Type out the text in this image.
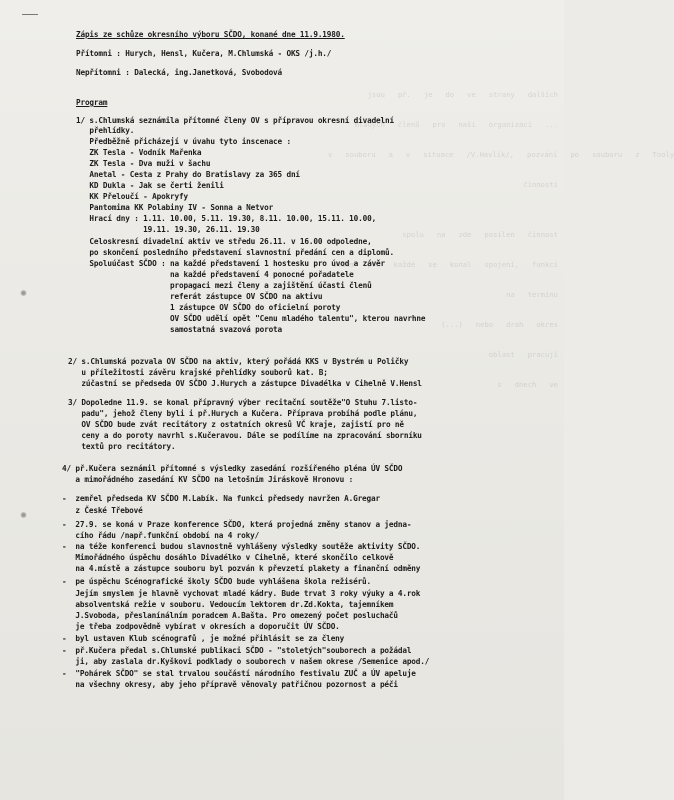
jsou   př.   je   do   ve   strany   dalších

mladých   členů   pro   naši   organizaci   ...

v   souboru   a   v   situace   /V.Havlík/,   pozvání   po   souboru   z   Tooly

činnosti

spolu   na   zde   posílen   činnost

ovšem   pro   každé   se   konal   spojení,   funkci

na   termínu

(...)   nebo   drah   okres

oblast   pracují

s   dnech   ve

Zápis ze schůze okresního výboru SČDO, konané dne 11.9.1980.
Přítomni : Hurych, Hensl, Kučera, M.Chlumská - OKS /j.h./
Nepřítomni : Dalecká, ing.Janetková, Svobodová
Program
1/ s.Chlumská seznámila přítomné členy OV s přípravou okresní divadelní
přehlídky.
Předběžně přicházejí v úvahu tyto inscenace :
ZK Tesla - Vodník Mařenka
ZK Tesla - Dva muži v šachu
Anetal - Cesta z Prahy do Bratislavy za 365 dní
KD Dukla - Jak se čerti ženili
KK Přeloučí - Apokryfy
Pantomima KK Polabiny IV - Sonna a Netvor
Hrací dny : 1.11. 10.00, 5.11. 19.30, 8.11. 10.00, 15.11. 10.00,
19.11. 19.30, 26.11. 19.30
Celoskresní divadelní aktiv ve středu 26.11. v 16.00 odpoledne,
po skončení posledního představení slavnostní předání cen a diplomů.
Spoluúčast SČDO : na každé představení 1 hostesku pro úvod a závěr
na každé představení 4 ponocné pořadatele
propagaci mezi členy a zajištění účasti členů
referát zástupce OV SČDO na aktivu
1 zástupce OV SČDO do oficielní poroty
OV SČDO udělí opět "Cenu mladého talentu", kterou navrhne
samostatná svazová porota
2/ s.Chlumská pozvala OV SČDO na aktiv, který pořádá KKS v Bystrém u Poličky
u příležitosti závěru krajské přehlídky souborů kat. B;
zúčastní se předseda OV SČDO J.Hurych a zástupce Divadélka v Cihelně V.Hensl
3/ Dopoledne 11.9. se konal přípravný výber recitační soutěže"O Stuhu 7.listo-
padu", jehož členy byli i př.Hurych a Kučera. Příprava probíhá podle plánu,
OV SČDO bude zvát recitátory z ostatních okresů VČ kraje, zajistí pro ně
ceny a do poroty navrhl s.Kučeravou. Dále se podílíme na zpracování sborníku
textů pro recitátory.
4/ př.Kučera seznámil přítomné s výsledky zasedání rozšířeného pléna ÚV SČDO
a mimořádného zasedání KV SČDO na letošním Jiráskově Hronovu :
-  zemřel předseda KV SČDO M.Labík. Na funkci předsedy navržen A.Gregar
z České Třebové
-  27.9. se koná v Praze konference SČDO, která projedná změny stanov a jedna-
cího řádu /např.funkční období na 4 roky/
-  na téže konferenci budou slavnostně vyhlášeny výsledky soutěže aktivity SČDO.
Mimořádného úspěchu dosáhlo Divadélko v Cihelně, které skončilo celkově
na 4.místě a zástupce souboru byl pozván k převzetí plakety a finanční odměny
-  pe úspěchu Scénografické školy SČDO bude vyhlášena škola režisérů.
Jejím smyslem je hlavně vychovat mladé kádry. Bude trvat 3 roky výuky a 4.rok
absolventská režie v souboru. Vedoucím lektorem dr.Zd.Kokta, tajemníkem
J.Svoboda, přeslanínálním poradcem A.Bašta. Pro omezený počet posluchačů
je třeba zodpovědně vybírat v okresích a doporučit ÚV SČDO.
-  byl ustaven Klub scénografů , je možné přihlásit se za členy
-  př.Kučera předal s.Chlumské publikaci SČDO - "stoletých"souborech a požádal
ji, aby zaslala dr.Kyškovi podklady o souborech v našem okrese /Semenice apod./
-  "Pohárek SČDO" se stal trvalou součástí národního festivalu ZUČ a ÚV apeluje
na všechny okresy, aby jeho přípravě věnovaly patřičnou pozornost a péči
